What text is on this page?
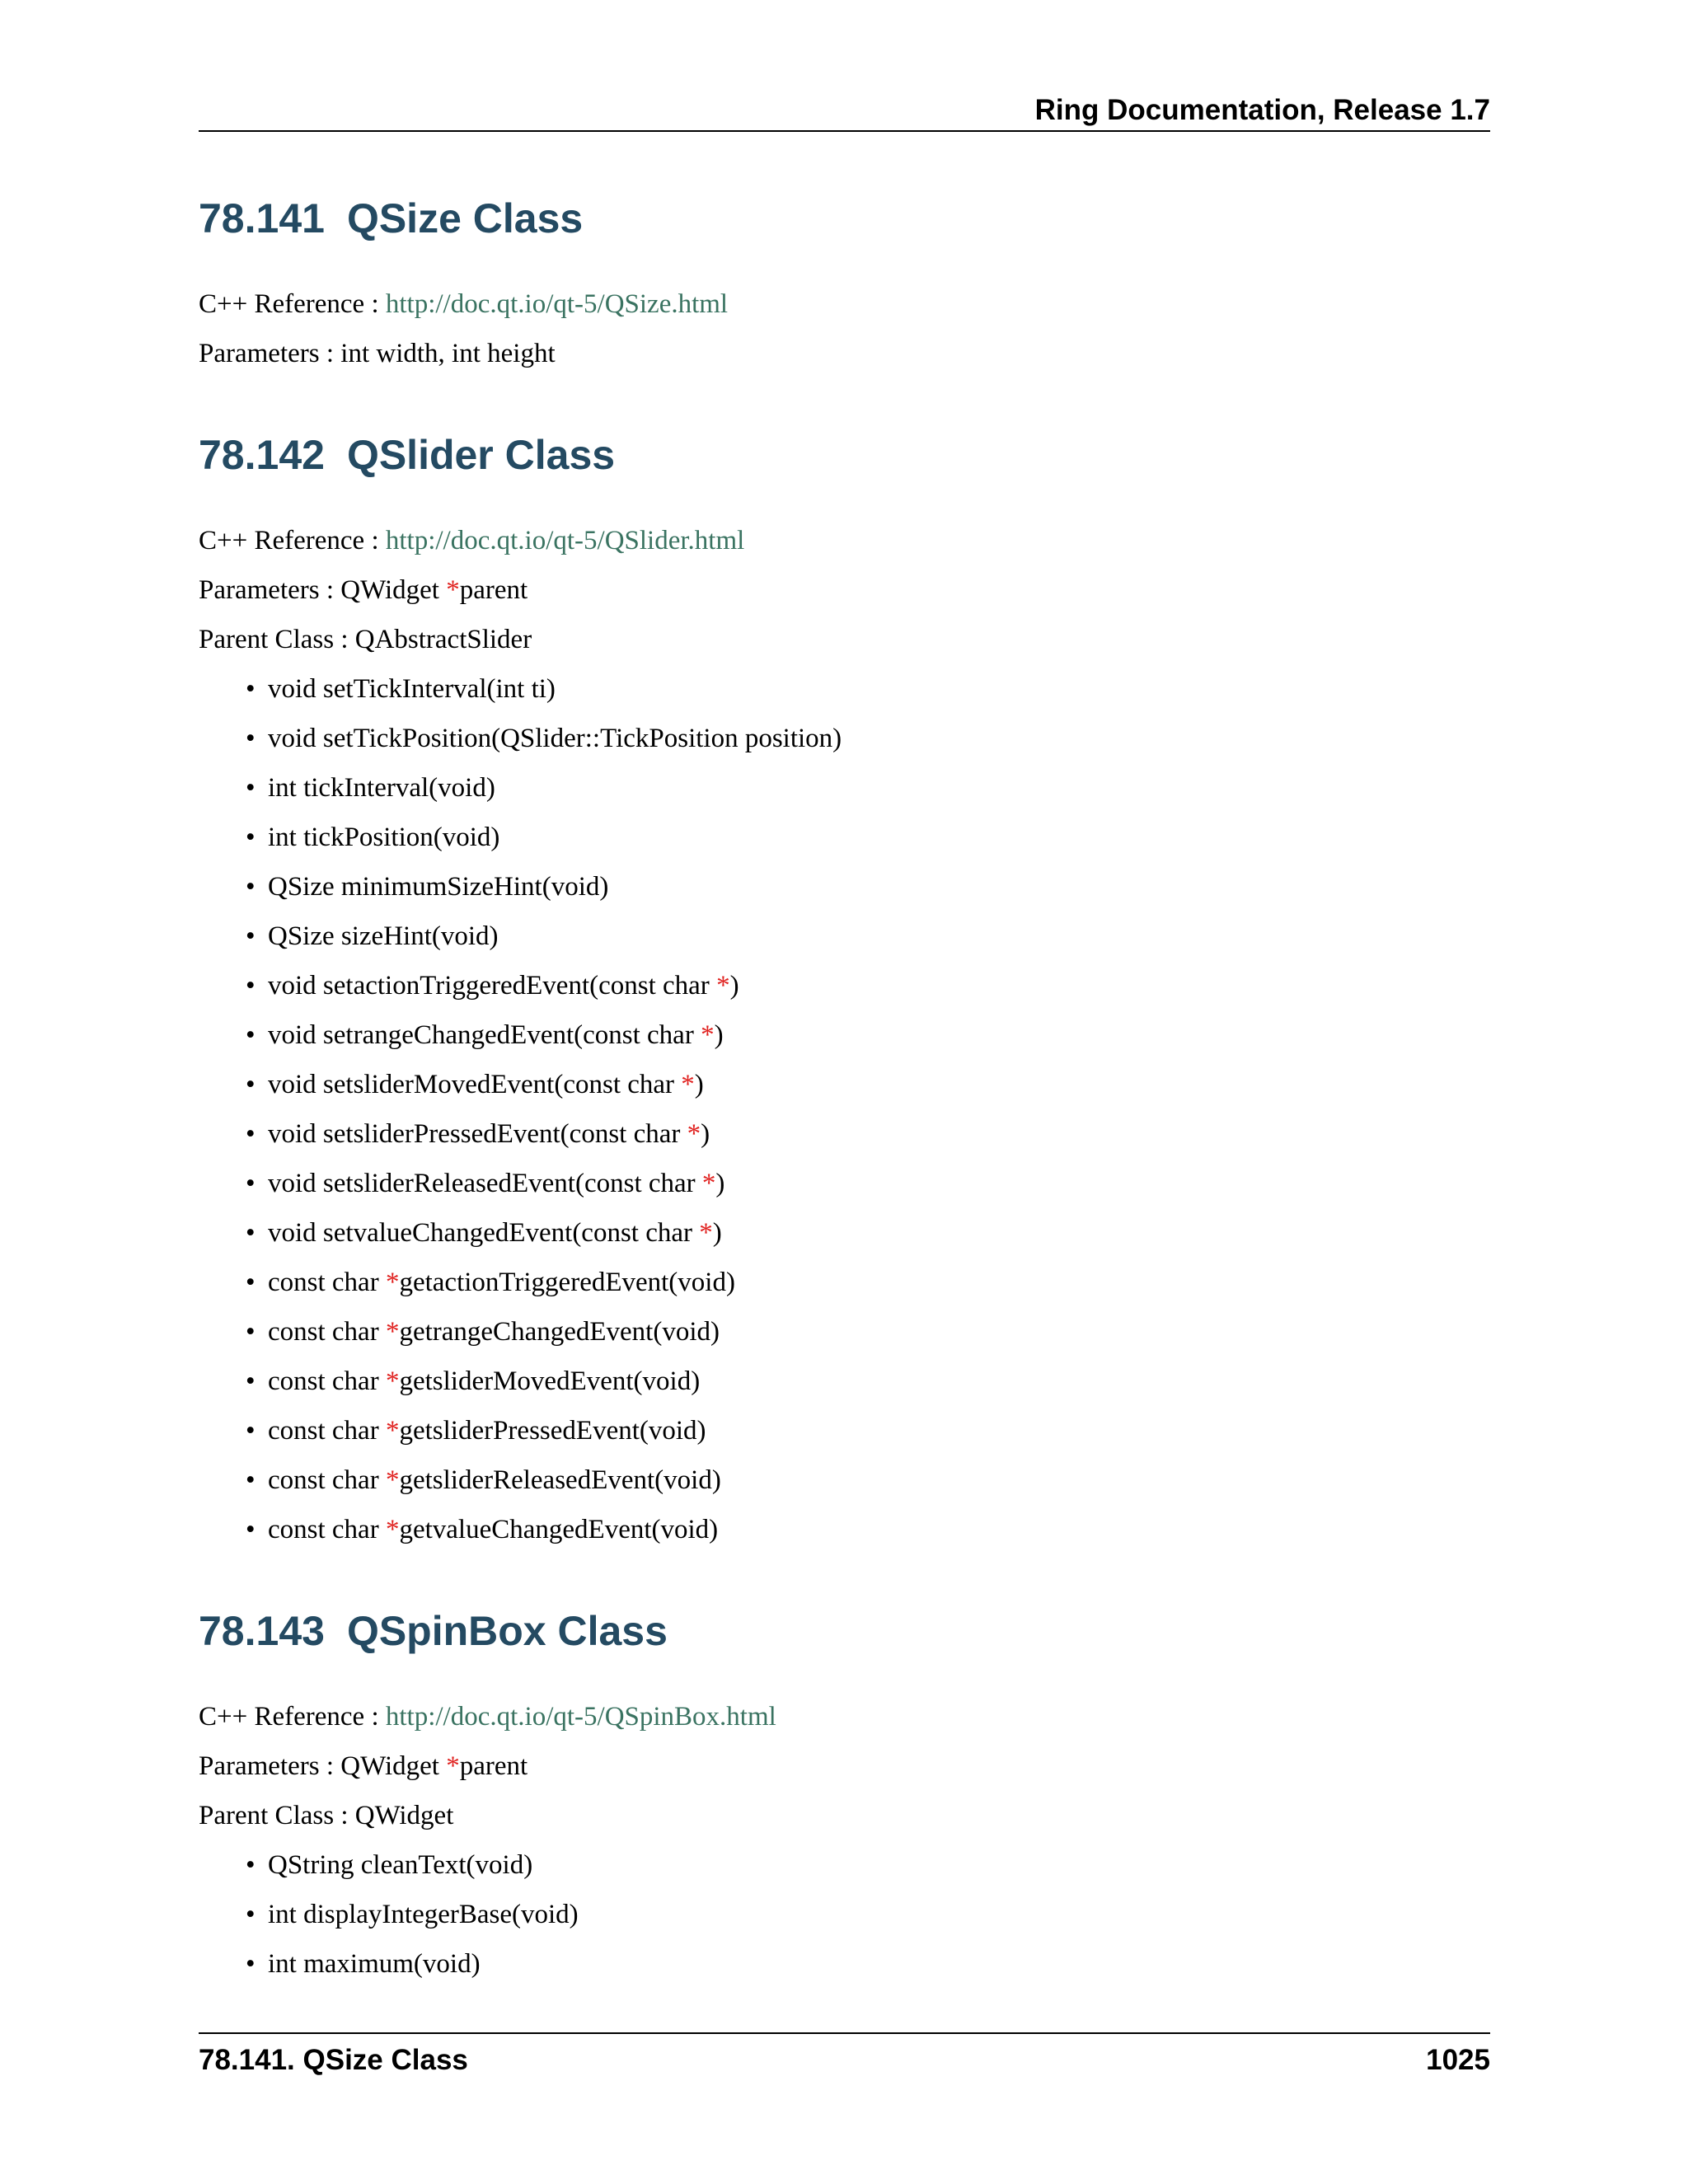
Ring Documentation, Release 1.7
78.141 QSize Class
C++ Reference : http://doc.qt.io/qt-5/QSize.html
Parameters : int width, int height
78.142 QSlider Class
C++ Reference : http://doc.qt.io/qt-5/QSlider.html
Parameters : QWidget *parent
Parent Class : QAbstractSlider
• void setTickInterval(int ti)
• void setTickPosition(QSlider::TickPosition position)
• int tickInterval(void)
• int tickPosition(void)
• QSize minimumSizeHint(void)
• QSize sizeHint(void)
• void setactionTriggeredEvent(const char *)
• void setrangeChangedEvent(const char *)
• void setsliderMovedEvent(const char *)
• void setsliderPressedEvent(const char *)
• void setsliderReleasedEvent(const char *)
• void setvalueChangedEvent(const char *)
• const char *getactionTriggeredEvent(void)
• const char *getrangeChangedEvent(void)
• const char *getsliderMovedEvent(void)
• const char *getsliderPressedEvent(void)
• const char *getsliderReleasedEvent(void)
• const char *getvalueChangedEvent(void)
78.143 QSpinBox Class
C++ Reference : http://doc.qt.io/qt-5/QSpinBox.html
Parameters : QWidget *parent
Parent Class : QWidget
• QString cleanText(void)
• int displayIntegerBase(void)
• int maximum(void)
78.141. QSize Class	1025
